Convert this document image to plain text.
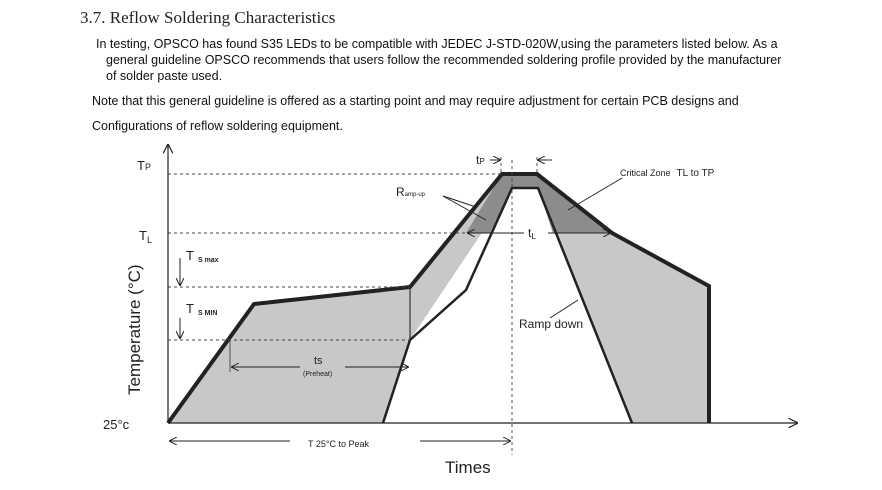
3.7. Reflow Soldering Characteristics
In testing, OPSCO has found S35 LEDs to be compatible with JEDEC J-STD-020W,using the parameters listed below. As a
general guideline OPSCO recommends that users follow the recommended soldering profile provided by the manufacturer
of solder paste used.
Note that this general guideline is offered as a starting point and may require adjustment for certain PCB designs and
Configurations of reflow soldering equipment.
Temperature (°C)
Times
TP
$T_L$
T S max
T S MIN
25°c
tP
tL
Ramp-up
Critical Zone TL to TP
ts
(Preheat)
Ramp down
T 25°C to Peak
